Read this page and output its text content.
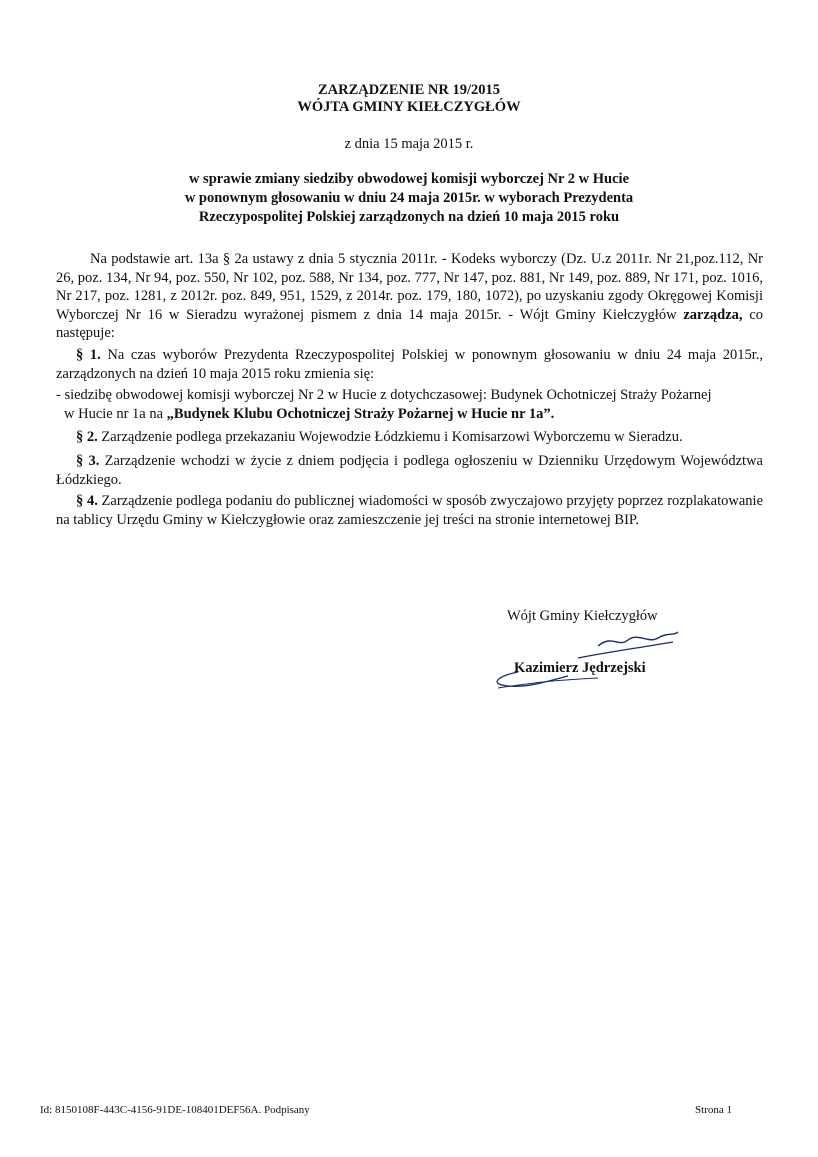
ZARZĄDZENIE NR 19/2015
WÓJTA GMINY KIEŁCZYGŁÓW
z dnia 15 maja 2015 r.
w sprawie zmiany siedziby obwodowej komisji wyborczej Nr 2 w Hucie
w ponownym głosowaniu w dniu 24 maja 2015r. w wyborach Prezydenta
Rzeczypospolitej Polskiej zarządzonych na dzień 10 maja 2015 roku
Na podstawie art. 13a § 2a ustawy z dnia 5 stycznia 2011r. - Kodeks wyborczy (Dz. U.z 2011r. Nr 21,poz.112, Nr 26, poz. 134, Nr 94, poz. 550, Nr 102, poz. 588, Nr 134, poz. 777, Nr 147, poz. 881, Nr 149, poz. 889, Nr 171, poz. 1016, Nr 217, poz. 1281, z 2012r. poz. 849, 951, 1529, z 2014r. poz. 179, 180, 1072), po uzyskaniu zgody Okręgowej Komisji Wyborczej Nr 16 w Sieradzu wyrażonej pismem z dnia 14 maja 2015r. - Wójt Gminy Kiełczygłów zarządza, co następuje:
§ 1. Na czas wyborów Prezydenta Rzeczypospolitej Polskiej w ponownym głosowaniu w dniu 24 maja 2015r., zarządzonych na dzień 10 maja 2015 roku zmienia się:
- siedzibę obwodowej komisji wyborczej Nr 2 w Hucie z dotychczasowej: Budynek Ochotniczej Straży Pożarnej
w Hucie nr 1a na „Budynek Klubu Ochotniczej Straży Pożarnej w Hucie nr 1a”.
§ 2. Zarządzenie podlega przekazaniu Wojewodzie Łódzkiemu i Komisarzowi Wyborczemu w Sieradzu.
§ 3. Zarządzenie wchodzi w życie z dniem podjęcia i podlega ogłoszeniu w Dzienniku Urzędowym Województwa Łódzkiego.
§ 4. Zarządzenie podlega podaniu do publicznej wiadomości w sposób zwyczajowo przyjęty poprzez rozplakatowanie na tablicy Urzędu Gminy w Kiełczygłowie oraz zamieszczenie jej treści na stronie internetowej BIP.
Wójt Gminy Kiełczygłów
Kazimierz Jędrzejski
Id: 8150108F-443C-4156-91DE-108401DEF56A. Podpisany	Strona 1
